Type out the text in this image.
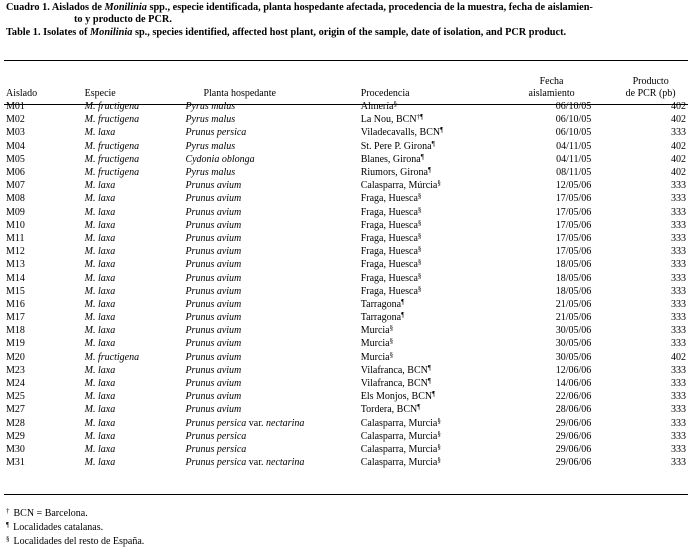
Cuadro 1. Aislados de Monilinia spp., especie identificada, planta hospedante afectada, procedencia de la muestra, fecha de aislamien-
to y producto de PCR.
Table 1. Isolates of Monilinia sp., species identified, affected host plant, origin of the sample, date of isolation, and PCR product.
Aislado	Especie	Planta hospedante	Procedencia	Fecha
aislamiento	Producto
de PCR (pb)
M01	M. fructigena	Pyrus malus	Almería§	06/10/05	402
M02	M. fructigena	Pyrus malus	La Nou, BCN†¶	06/10/05	402
M03	M. laxa	Prunus persica	Viladecavalls, BCN¶	06/10/05	333
M04	M. fructigena	Pyrus malus	St. Pere P. Girona¶	04/11/05	402
M05	M. fructigena	Cydonia oblonga	Blanes, Girona¶	04/11/05	402
M06	M. fructigena	Pyrus malus	Riumors, Girona¶	08/11/05	402
M07	M. laxa	Prunus avium	Calasparra, Múrcia§	12/05/06	333
M08	M. laxa	Prunus avium	Fraga, Huesca§	17/05/06	333
M09	M. laxa	Prunus avium	Fraga, Huesca§	17/05/06	333
M10	M. laxa	Prunus avium	Fraga, Huesca§	17/05/06	333
M11	M. laxa	Prunus avium	Fraga, Huesca§	17/05/06	333
M12	M. laxa	Prunus avium	Fraga, Huesca§	17/05/06	333
M13	M. laxa	Prunus avium	Fraga, Huesca§	18/05/06	333
M14	M. laxa	Prunus avium	Fraga, Huesca§	18/05/06	333
M15	M. laxa	Prunus avium	Fraga, Huesca§	18/05/06	333
M16	M. laxa	Prunus avium	Tarragona¶	21/05/06	333
M17	M. laxa	Prunus avium	Tarragona¶	21/05/06	333
M18	M. laxa	Prunus avium	Murcia§	30/05/06	333
M19	M. laxa	Prunus avium	Murcia§	30/05/06	333
M20	M. fructigena	Prunus avium	Murcia§	30/05/06	402
M23	M. laxa	Prunus avium	Vilafranca, BCN¶	12/06/06	333
M24	M. laxa	Prunus avium	Vilafranca, BCN¶	14/06/06	333
M25	M. laxa	Prunus avium	Els Monjos, BCN¶	22/06/06	333
M27	M. laxa	Prunus avium	Tordera, BCN¶	28/06/06	333
M28	M. laxa	Prunus persica var. nectarina	Calasparra, Murcia§	29/06/06	333
M29	M. laxa	Prunus persica	Calasparra, Murcia§	29/06/06	333
M30	M. laxa	Prunus persica	Calasparra, Murcia§	29/06/06	333
M31	M. laxa	Prunus persica var. nectarina	Calasparra, Murcia§	29/06/06	333
† BCN = Barcelona.
¶ Localidades catalanas.
§ Localidades del resto de España.
